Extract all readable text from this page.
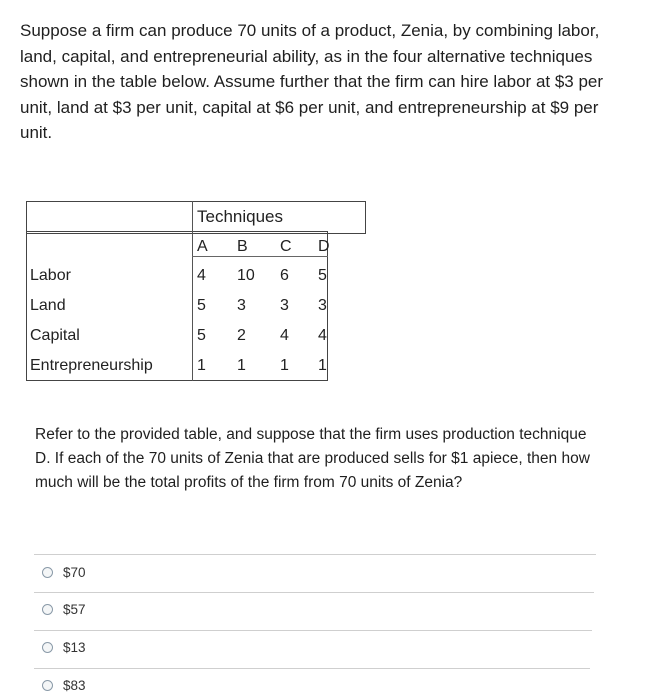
Suppose a firm can produce 70 units of a product, Zenia, by combining labor, land, capital, and entrepreneurial ability, as in the four alternative techniques shown in the table below. Assume further that the firm can hire labor at $3 per unit, land at $3 per unit, capital at $6 per unit, and entrepreneurship at $9 per unit.
Techniques
A B C D
Labor	4 10 6 5
Land	5 3 3 3
Capital	5 2 4 4
Entrepreneurship	1 1 1 1
Refer to the provided table, and suppose that the firm uses production technique D. If each of the 70 units of Zenia that are produced sells for $1 apiece, then how much will be the total profits of the firm from 70 units of Zenia?
$70
$57
$13
$83
